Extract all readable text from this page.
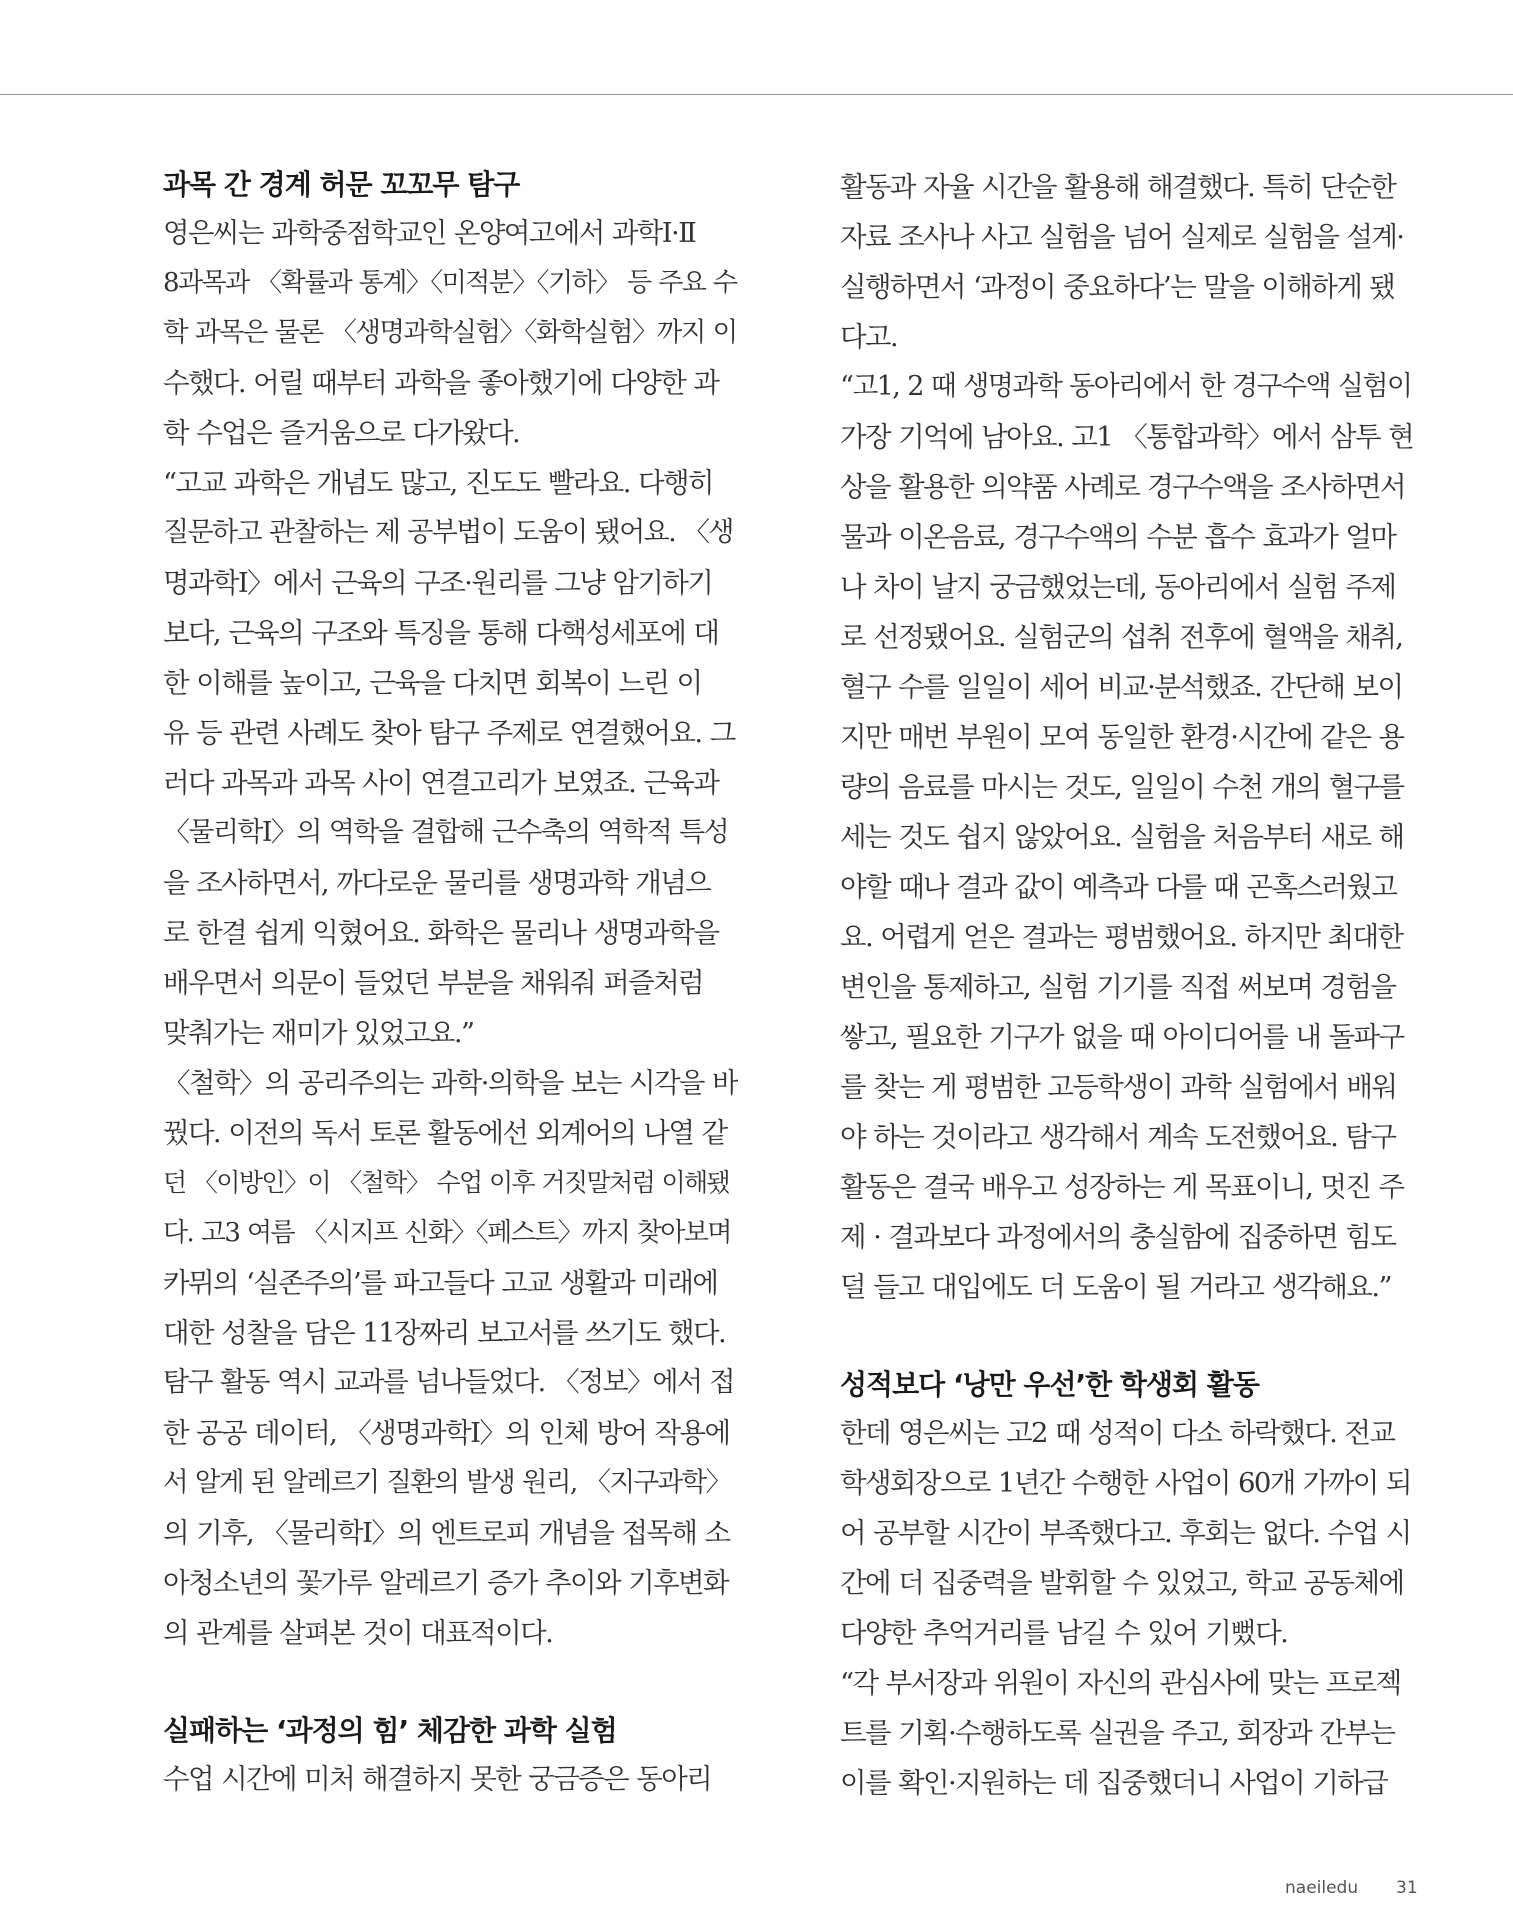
과목 간 경계 허문 꼬꼬무 탐구
영은씨는 과학중점학교인 온양여고에서 과학Ⅰ·Ⅱ
8과목과 〈확률과 통계〉〈미적분〉〈기하〉 등 주요 수
학 과목은 물론 〈생명과학실험〉〈화학실험〉까지 이
수했다. 어릴 때부터 과학을 좋아했기에 다양한 과
학 수업은 즐거움으로 다가왔다.
“고교 과학은 개념도 많고, 진도도 빨라요. 다행히
질문하고 관찰하는 제 공부법이 도움이 됐어요. 〈생
명과학Ⅰ〉에서 근육의 구조·원리를 그냥 암기하기
보다, 근육의 구조와 특징을 통해 다핵성세포에 대
한 이해를 높이고, 근육을 다치면 회복이 느린 이
유 등 관련 사례도 찾아 탐구 주제로 연결했어요. 그
러다 과목과 과목 사이 연결고리가 보였죠. 근육과
〈물리학Ⅰ〉의 역학을 결합해 근수축의 역학적 특성
을 조사하면서, 까다로운 물리를 생명과학 개념으
로 한결 쉽게 익혔어요. 화학은 물리나 생명과학을
배우면서 의문이 들었던 부분을 채워줘 퍼즐처럼
맞춰가는 재미가 있었고요.”
〈철학〉의 공리주의는 과학·의학을 보는 시각을 바
꿨다. 이전의 독서 토론 활동에선 외계어의 나열 같
던 〈이방인〉이 〈철학〉 수업 이후 거짓말처럼 이해됐
다. 고3 여름 〈시지프 신화〉〈페스트〉까지 찾아보며
카뮈의 ‘실존주의’를 파고들다 고교 생활과 미래에
대한 성찰을 담은 11장짜리 보고서를 쓰기도 했다.
탐구 활동 역시 교과를 넘나들었다. 〈정보〉에서 접
한 공공 데이터, 〈생명과학Ⅰ〉의 인체 방어 작용에
서 알게 된 알레르기 질환의 발생 원리, 〈지구과학〉
의 기후, 〈물리학Ⅰ〉의 엔트로피 개념을 접목해 소
아청소년의 꽃가루 알레르기 증가 추이와 기후변화
의 관계를 살펴본 것이 대표적이다.
실패하는 ‘과정의 힘’ 체감한 과학 실험
수업 시간에 미처 해결하지 못한 궁금증은 동아리
활동과 자율 시간을 활용해 해결했다. 특히 단순한
자료 조사나 사고 실험을 넘어 실제로 실험을 설계·
실행하면서 ‘과정이 중요하다’는 말을 이해하게 됐
다고.
“고1, 2 때 생명과학 동아리에서 한 경구수액 실험이
가장 기억에 남아요. 고1 〈통합과학〉에서 삼투 현
상을 활용한 의약품 사례로 경구수액을 조사하면서
물과 이온음료, 경구수액의 수분 흡수 효과가 얼마
나 차이 날지 궁금했었는데, 동아리에서 실험 주제
로 선정됐어요. 실험군의 섭취 전후에 혈액을 채취,
혈구 수를 일일이 세어 비교·분석했죠. 간단해 보이
지만 매번 부원이 모여 동일한 환경·시간에 같은 용
량의 음료를 마시는 것도, 일일이 수천 개의 혈구를
세는 것도 쉽지 않았어요. 실험을 처음부터 새로 해
야할 때나 결과 값이 예측과 다를 때 곤혹스러웠고
요. 어렵게 얻은 결과는 평범했어요. 하지만 최대한
변인을 통제하고, 실험 기기를 직접 써보며 경험을
쌓고, 필요한 기구가 없을 때 아이디어를 내 돌파구
를 찾는 게 평범한 고등학생이 과학 실험에서 배워
야 하는 것이라고 생각해서 계속 도전했어요. 탐구
활동은 결국 배우고 성장하는 게 목표이니, 멋진 주
제 · 결과보다 과정에서의 충실함에 집중하면 힘도
덜 들고 대입에도 더 도움이 될 거라고 생각해요.”
성적보다 ‘낭만 우선’한 학생회 활동
한데 영은씨는 고2 때 성적이 다소 하락했다. 전교
학생회장으로 1년간 수행한 사업이 60개 가까이 되
어 공부할 시간이 부족했다고. 후회는 없다. 수업 시
간에 더 집중력을 발휘할 수 있었고, 학교 공동체에
다양한 추억거리를 남길 수 있어 기뻤다.
“각 부서장과 위원이 자신의 관심사에 맞는 프로젝
트를 기획·수행하도록 실권을 주고, 회장과 간부는
이를 확인·지원하는 데 집중했더니 사업이 기하급
naeiledu 31
